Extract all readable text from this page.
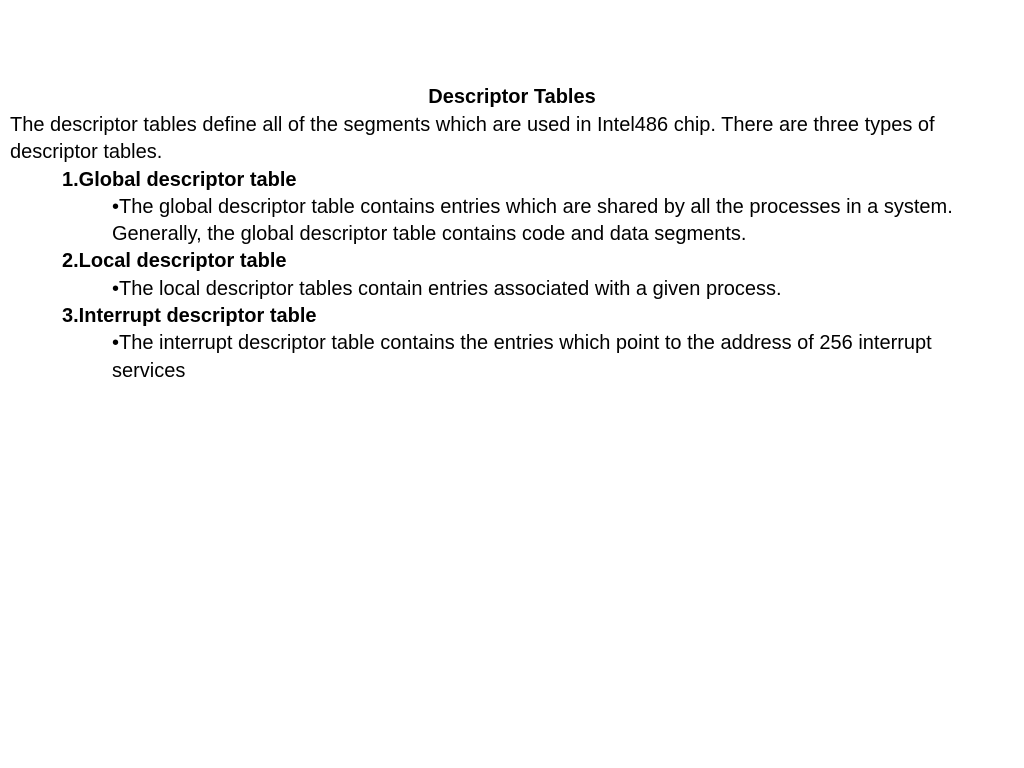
Descriptor Tables

The descriptor tables define all of the segments which are used in Intel486 chip. There are three types of descriptor tables.

1.Global descriptor table

•The global descriptor table contains entries which are shared by all the processes in a system. Generally, the global descriptor table contains code and data segments.

2.Local descriptor table

•The local descriptor tables contain entries associated with a given process.

3.Interrupt descriptor table

•The interrupt descriptor table contains the entries which point to the address of 256 interrupt services
